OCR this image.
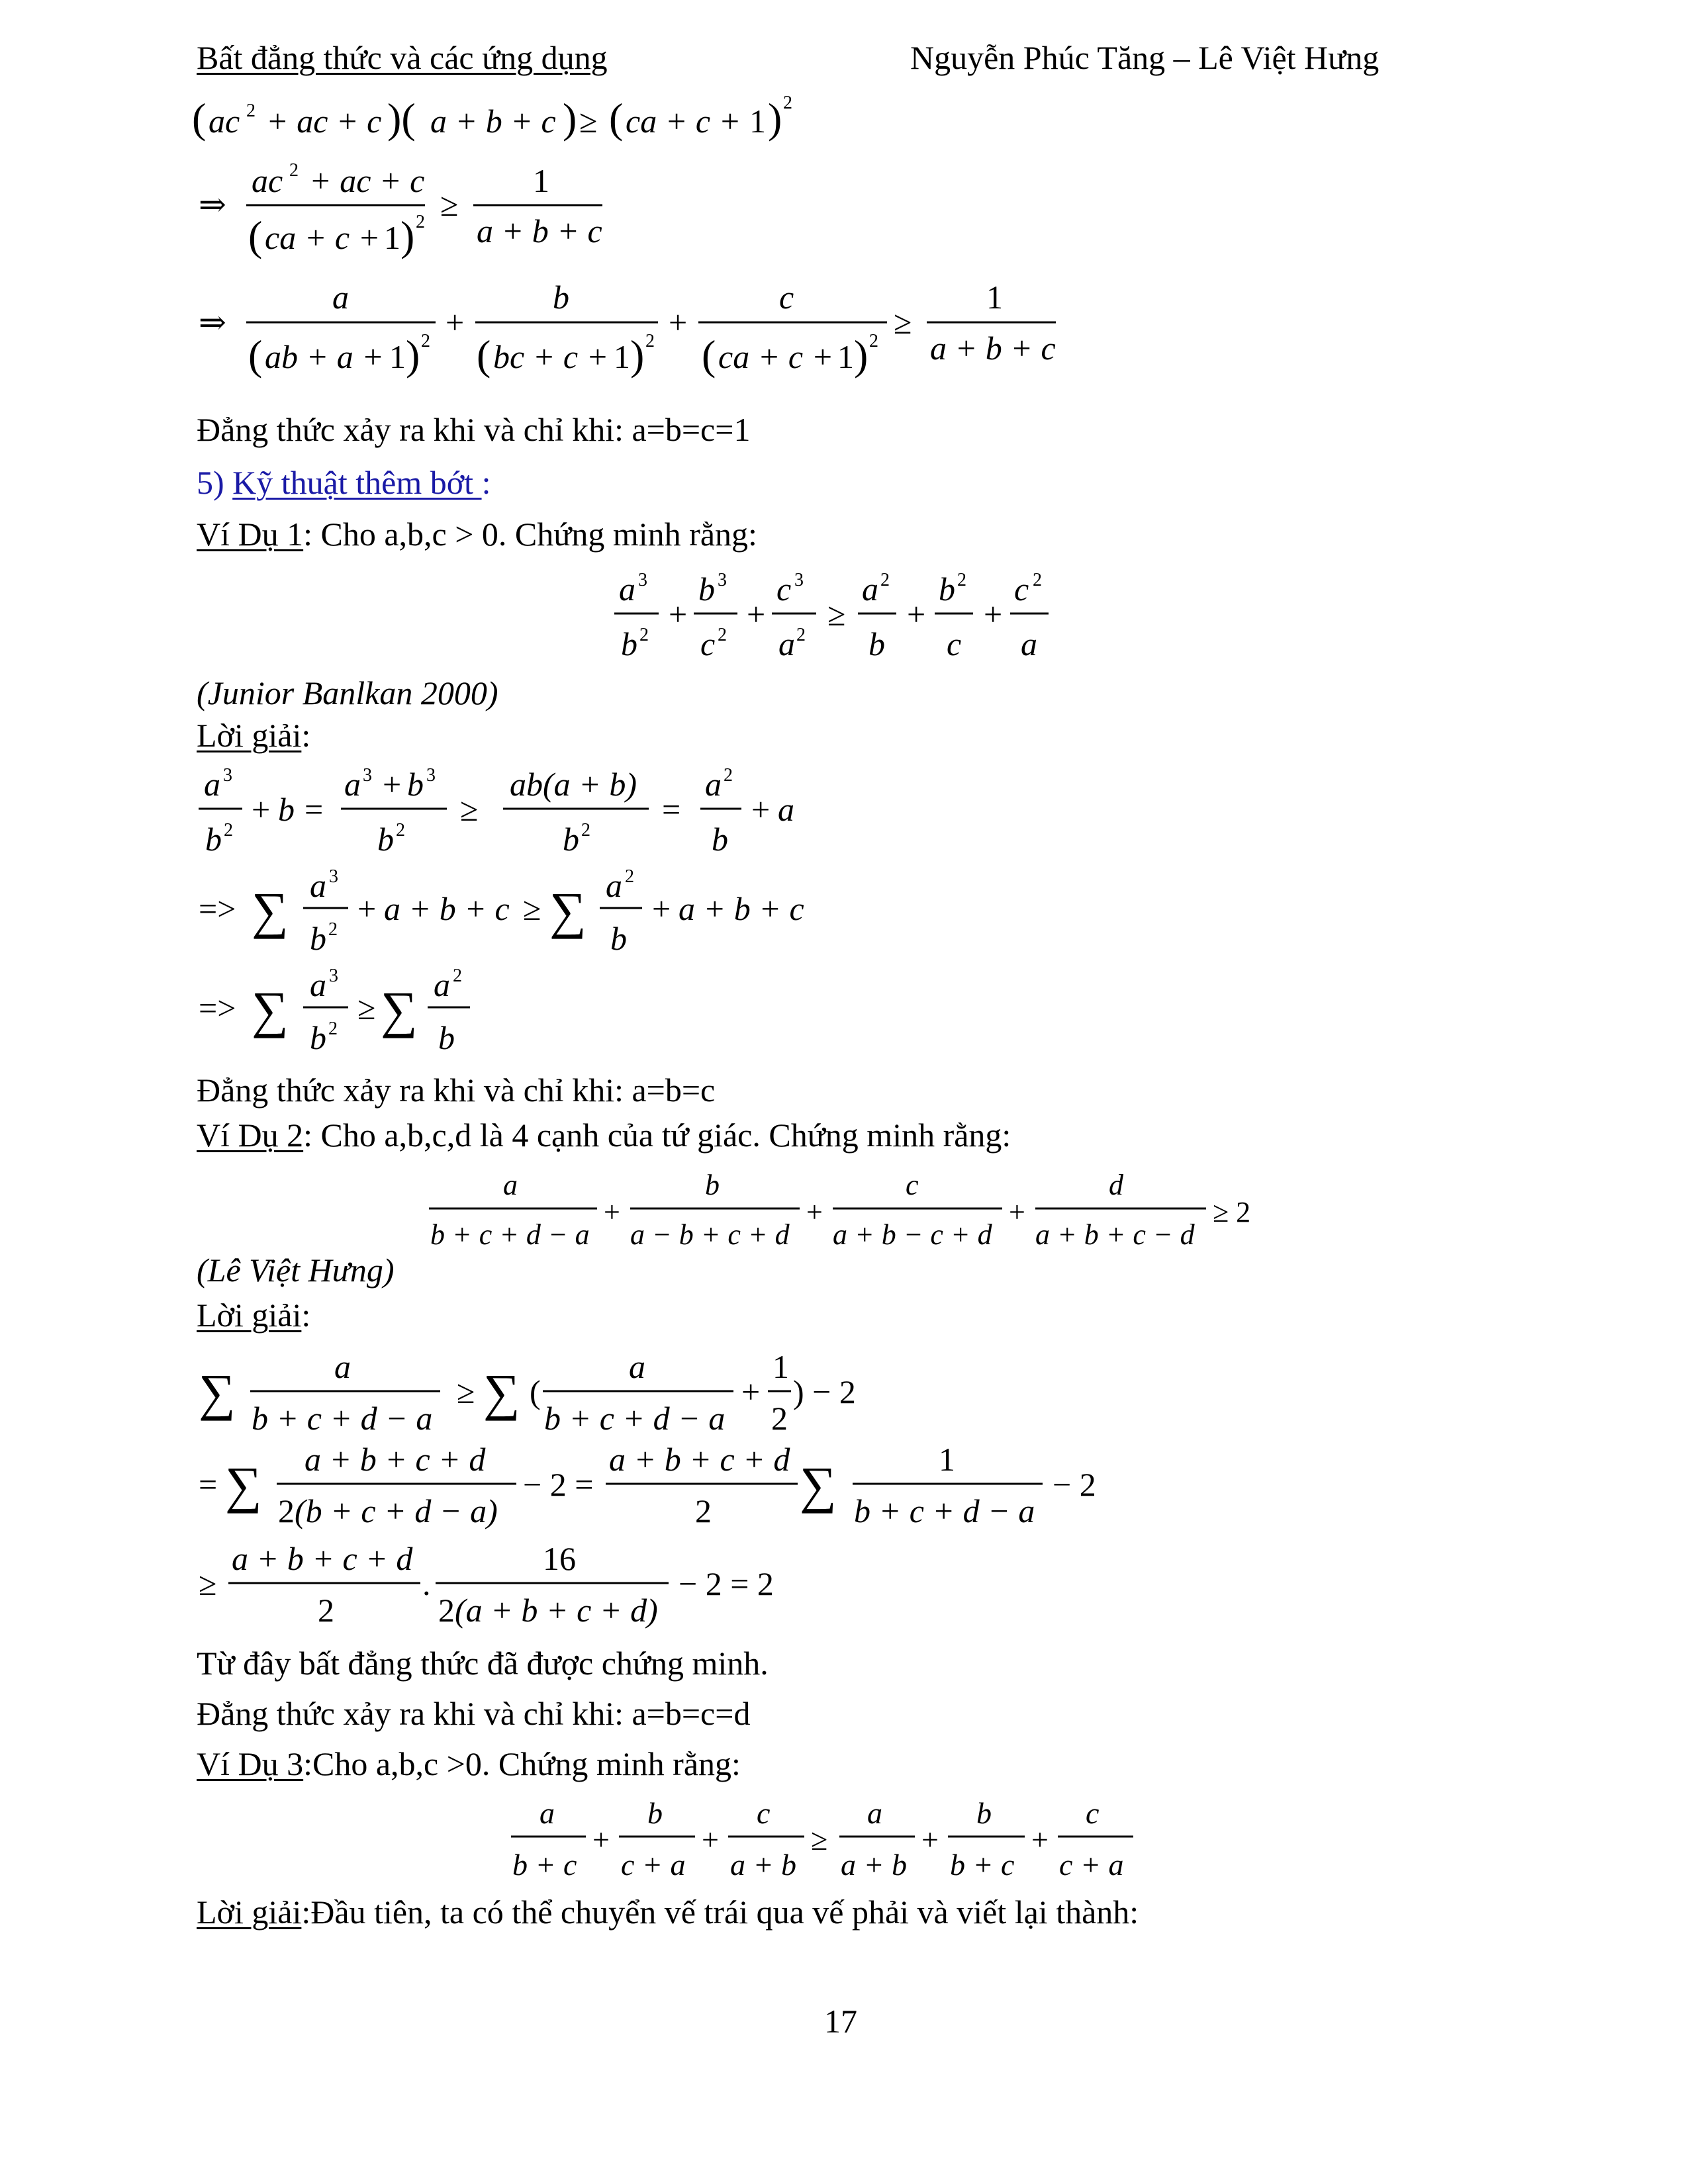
Bất đẳng thức và các ứng dụng	Nguyễn Phúc Tăng – Lê Việt Hưng
( ac 2 + ac + c )( a + b + c ) ≥ ( ca + c + 1 ) 2
⇒
ac 2 + ac + c
( ca + c + 1 ) 2 ≥
1
a + b + c
⇒
a
( ab + a + 1 ) 2
+
b
( bc + c + 1 ) 2
+
c
( ca + c + 1 ) 2
≥
1
a + b + c
Đẳng thức xảy ra khi và chỉ khi: a=b=c=1
5) Kỹ thuật thêm bớt :
Ví Dụ 1: Cho a,b,c > 0. Chứng minh rằng:
a 3
b 2
+
b 3
c 2
+
c 3
a 2
≥
a 2
b
+
b 2
c
+
c 2
a
(Junior Banlkan 2000)
Lời giải:
a 3
b 2
+ b =
a 3 + b 3
b 2
≥
ab(a + b)
b 2
=
a 2
b
+ a
=> ∑ a 3
b 2
+ a + b + c ≥ ∑ a 2
b
+ a + b + c
=> ∑ a 3
b 2
≥ ∑ a 2
b
Đẳng thức xảy ra khi và chỉ khi: a=b=c
Ví Dụ 2: Cho a,b,c,d là 4 cạnh của tứ giác. Chứng minh rằng:
a
b + c + d − a
+
b
a − b + c + d
+
c
a + b − c + d
+
d
a + b + c − d
≥ 2
(Lê Việt Hưng)
Lời giải:
∑	a
b + c + d − a
≥ ∑ (
a
b + c + d − a
+
1
2
) − 2
= ∑ a + b + c + d
2 (b + c + d − a)
− 2 =
a + b + c + d
2 ∑	1
b + c + d − a
− 2
≥
a + b + c + d
2
.
16
2 (a + b + c + d)
− 2 = 2
Từ đây bất đẳng thức đã được chứng minh.
Đẳng thức xảy ra khi và chỉ khi: a=b=c=d
Ví Dụ 3:Cho a,b,c >0. Chứng minh rằng:
a
b + c
+
b
c + a
+
c
a + b
≥
a
a + b
+
b
b + c
+
c
c + a
Lời giải:Đầu tiên, ta có thể chuyển vế trái qua vế phải và viết lại thành:
17
